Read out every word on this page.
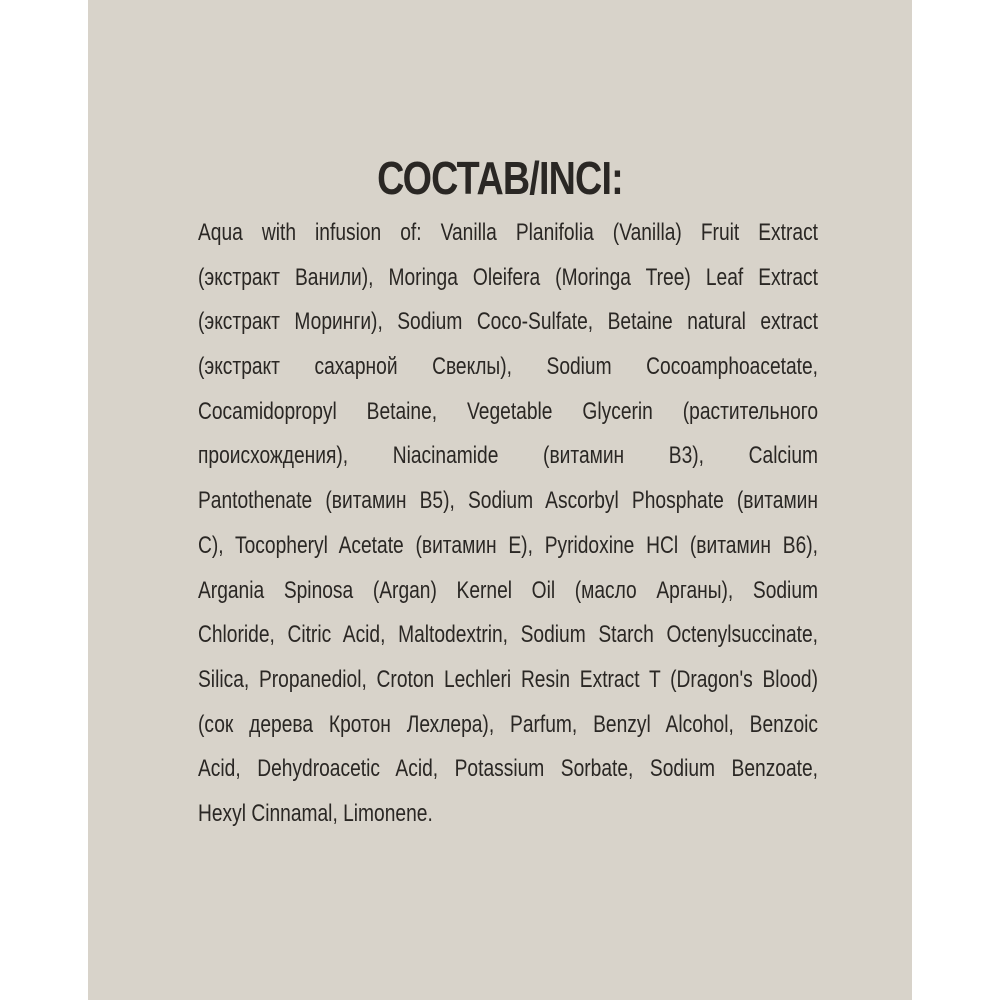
СОСТАВ/INCI:
Aqua with infusion of: Vanilla Planifolia (Vanilla) Fruit Extract
(экстракт Ванили), Moringa Oleifera (Moringa Tree) Leaf Extract
(экстракт Моринги), Sodium Coco-Sulfate, Betaine natural extract
(экстракт сахарной Свеклы), Sodium Cocoamphoacetate,
Cocamidopropyl Betaine, Vegetable Glycerin (растительного
происхождения), Niacinamide (витамин B3), Calcium
Pantothenate (витамин B5), Sodium Ascorbyl Phosphate (витамин
C), Tocopheryl Acetate (витамин E), Pyridoxine HCl (витамин B6),
Argania Spinosa (Argan) Kernel Oil (масло Арганы), Sodium
Chloride, Citric Acid, Maltodextrin, Sodium Starch Octenylsuccinate,
Silica, Propanediol, Croton Lechleri Resin Extract T (Dragon's Blood)
(сок дерева Кротон Лехлера), Parfum, Benzyl Alcohol, Benzoic
Acid, Dehydroacetic Acid, Potassium Sorbate, Sodium Benzoate,
Hexyl Cinnamal, Limonene.
